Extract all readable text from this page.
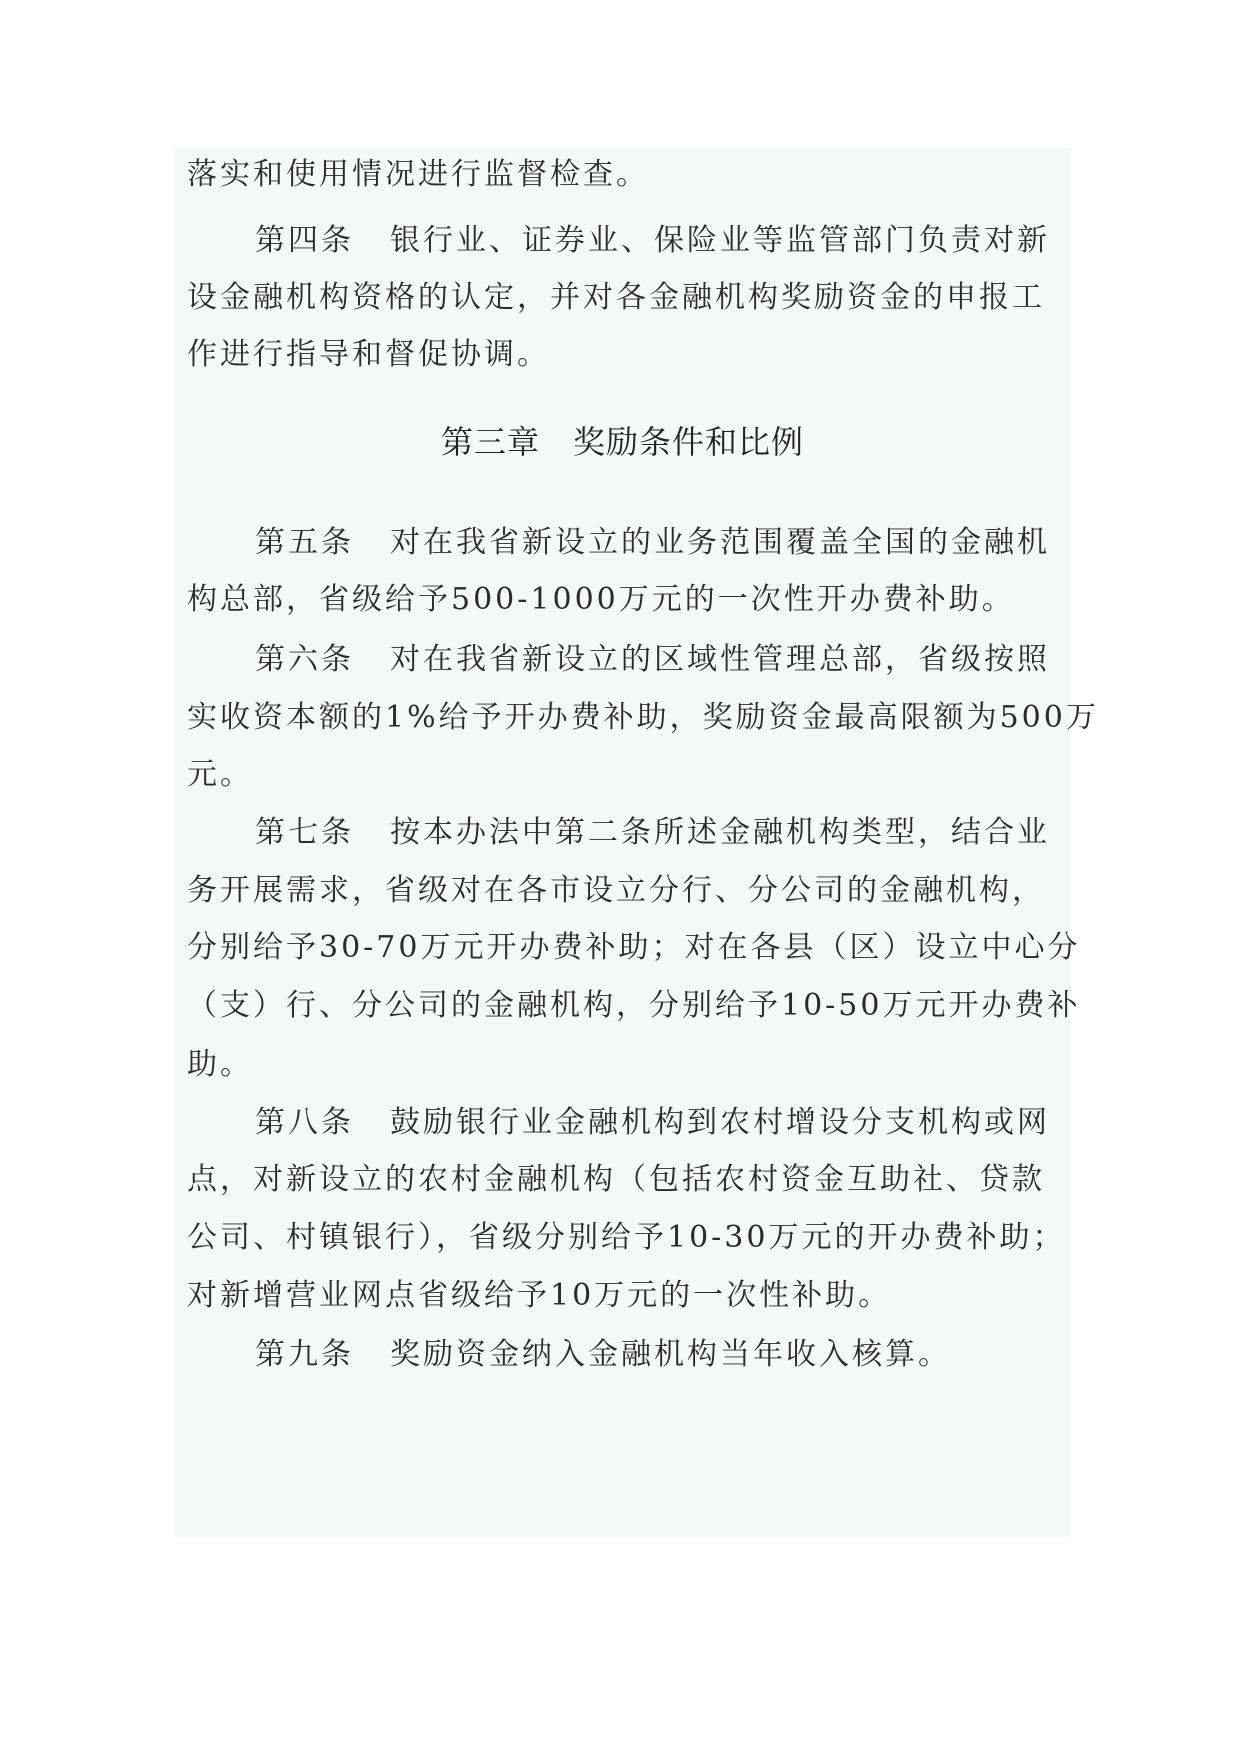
落实和使用情况进行监督检查。
第四条 银行业、证券业、保险业等监管部门负责对新
设金融机构资格的认定，并对各金融机构奖励资金的申报工
作进行指导和督促协调。
第三章　奖励条件和比例
第五条 对在我省新设立的业务范围覆盖全国的金融机
构总部，省级给予500-1000万元的一次性开办费补助。
第六条 对在我省新设立的区域性管理总部，省级按照
实收资本额的1%给予开办费补助，奖励资金最高限额为500万
元。
第七条 按本办法中第二条所述金融机构类型，结合业
务开展需求，省级对在各市设立分行、分公司的金融机构，
分别给予30-70万元开办费补助；对在各县（区）设立中心分
（支）行、分公司的金融机构，分别给予10-50万元开办费补
助。
第八条 鼓励银行业金融机构到农村增设分支机构或网
点，对新设立的农村金融机构（包括农村资金互助社、贷款
公司、村镇银行），省级分别给予10-30万元的开办费补助；
对新增营业网点省级给予10万元的一次性补助。
第九条 奖励资金纳入金融机构当年收入核算。
